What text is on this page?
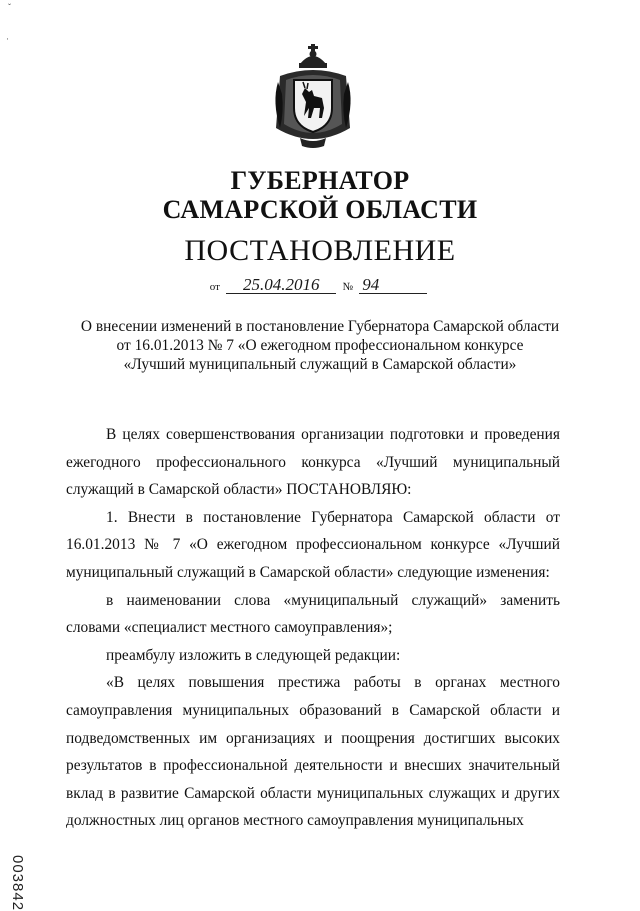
ˇ
·
ГУБЕРНАТОР
САМАРСКОЙ ОБЛАСТИ
ПОСТАНОВЛЕНИЕ
от 25.04.2016 № 94
О внесении изменений в постановление Губернатора Самарской области
от 16.01.2013 № 7 «О ежегодном профессиональном конкурсе
«Лучший муниципальный служащий в Самарской области»

В целях совершенствования организации подготовки и проведения ежегодного профессионального конкурса «Лучший муниципальный служащий в Самарской области» ПОСТАНОВЛЯЮ:

1. Внести в постановление Губернатора Самарской области от 16.01.2013 № 7 «О ежегодном профессиональном конкурсе «Лучший муниципальный служащий в Самарской области» следующие изменения:

в наименовании слова «муниципальный служащий» заменить словами «специалист местного самоуправления»;

преамбулу изложить в следующей редакции:

«В целях повышения престижа работы в органах местного самоуправления муниципальных образований в Самарской области и подведомственных им организациях и поощрения достигших высоких результатов в профессиональной деятельности и внесших значительный вклад в развитие Самарской области муниципальных служащих и других должностных лиц органов местного самоуправления муниципальных

003842
